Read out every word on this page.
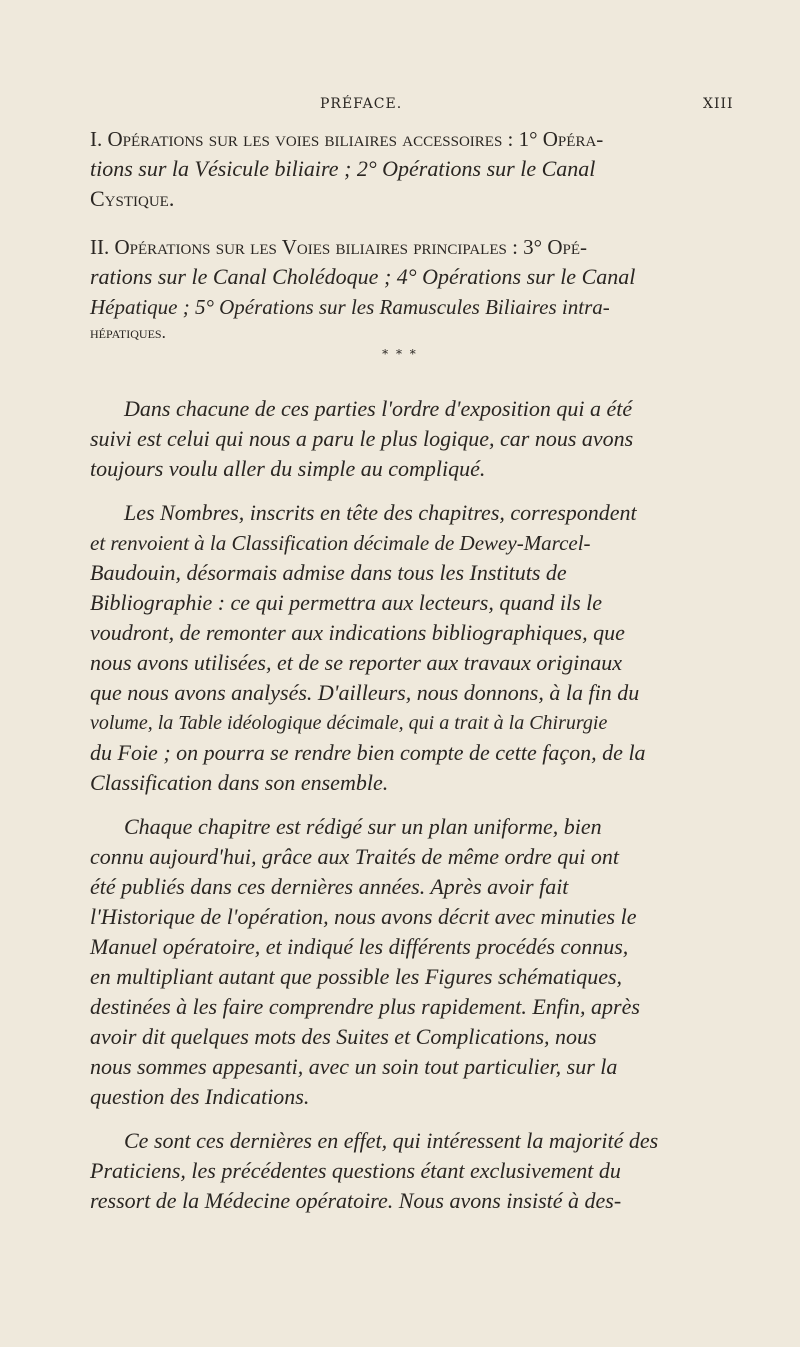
PRÉFACE.	XIII
I. Opérations sur les voies biliaires accessoires : 1° Opéra-
tions sur la Vésicule biliaire ; 2° Opérations sur le Canal
Cystique.
II. Opérations sur les Voies biliaires principales : 3° Opé-
rations sur le Canal Cholédoque ; 4° Opérations sur le Canal
Hépatique ; 5° Opérations sur les Ramuscules Biliaires intra-
hépatiques.
* * *
Dans chacune de ces parties l'ordre d'exposition qui a été
suivi est celui qui nous a paru le plus logique, car nous avons
toujours voulu aller du simple au compliqué.
Les Nombres, inscrits en tête des chapitres, correspondent
et renvoient à la Classification décimale de Dewey-Marcel-
Baudouin, désormais admise dans tous les Instituts de
Bibliographie : ce qui permettra aux lecteurs, quand ils le
voudront, de remonter aux indications bibliographiques, que
nous avons utilisées, et de se reporter aux travaux originaux
que nous avons analysés. D'ailleurs, nous donnons, à la fin du
volume, la Table idéologique décimale, qui a trait à la Chirurgie
du Foie ; on pourra se rendre bien compte de cette façon, de la
Classification dans son ensemble.
Chaque chapitre est rédigé sur un plan uniforme, bien
connu aujourd'hui, grâce aux Traités de même ordre qui ont
été publiés dans ces dernières années. Après avoir fait
l'Historique de l'opération, nous avons décrit avec minuties le
Manuel opératoire, et indiqué les différents procédés connus,
en multipliant autant que possible les Figures schématiques,
destinées à les faire comprendre plus rapidement. Enfin, après
avoir dit quelques mots des Suites et Complications, nous
nous sommes appesanti, avec un soin tout particulier, sur la
question des Indications.
Ce sont ces dernières en effet, qui intéressent la majorité des
Praticiens, les précédentes questions étant exclusivement du
ressort de la Médecine opératoire. Nous avons insisté à des-
